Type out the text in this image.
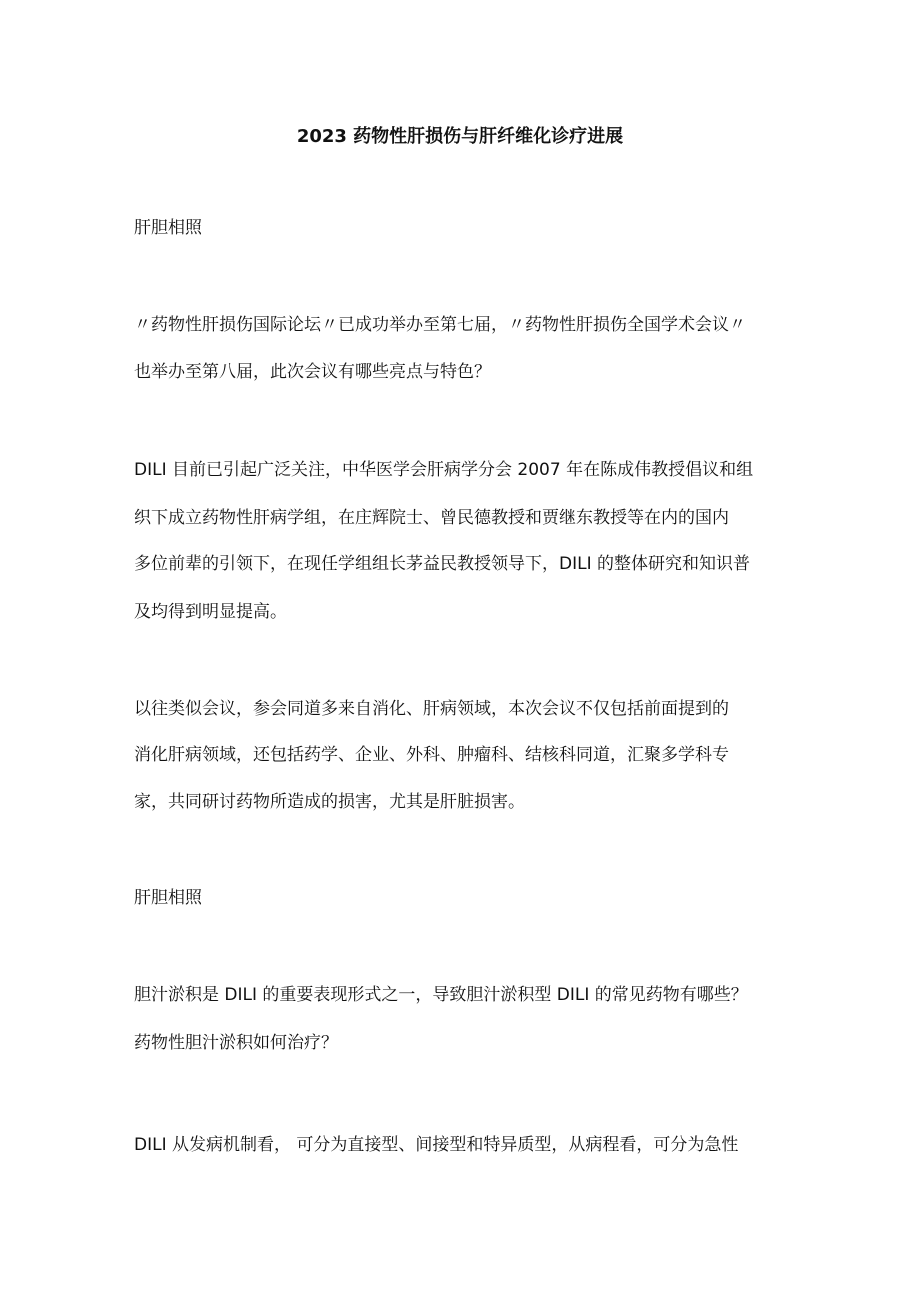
2023 药物性肝损伤与肝纤维化诊疗进展
肝胆相照
〃药物性肝损伤国际论坛〃已成功举办至第七届，〃药物性肝损伤全国学术会议〃
也举办至第八届，此次会议有哪些亮点与特色？
DILI 目前已引起广泛关注，中华医学会肝病学分会 2007 年在陈成伟教授倡议和组
织下成立药物性肝病学组，在庄辉院士、曾民德教授和贾继东教授等在内的国内
多位前辈的引领下，在现任学组组长茅益民教授领导下，DILI 的整体研究和知识普
及均得到明显提高。
以往类似会议，参会同道多来自消化、肝病领域，本次会议不仅包括前面提到的
消化肝病领域，还包括药学、企业、外科、肿瘤科、结核科同道，汇聚多学科专
家，共同研讨药物所造成的损害，尤其是肝脏损害。
肝胆相照
胆汁淤积是 DILI 的重要表现形式之一，导致胆汁淤积型 DILI 的常见药物有哪些？
药物性胆汁淤积如何治疗？
DILI 从发病机制看， 可分为直接型、间接型和特异质型，从病程看，可分为急性
